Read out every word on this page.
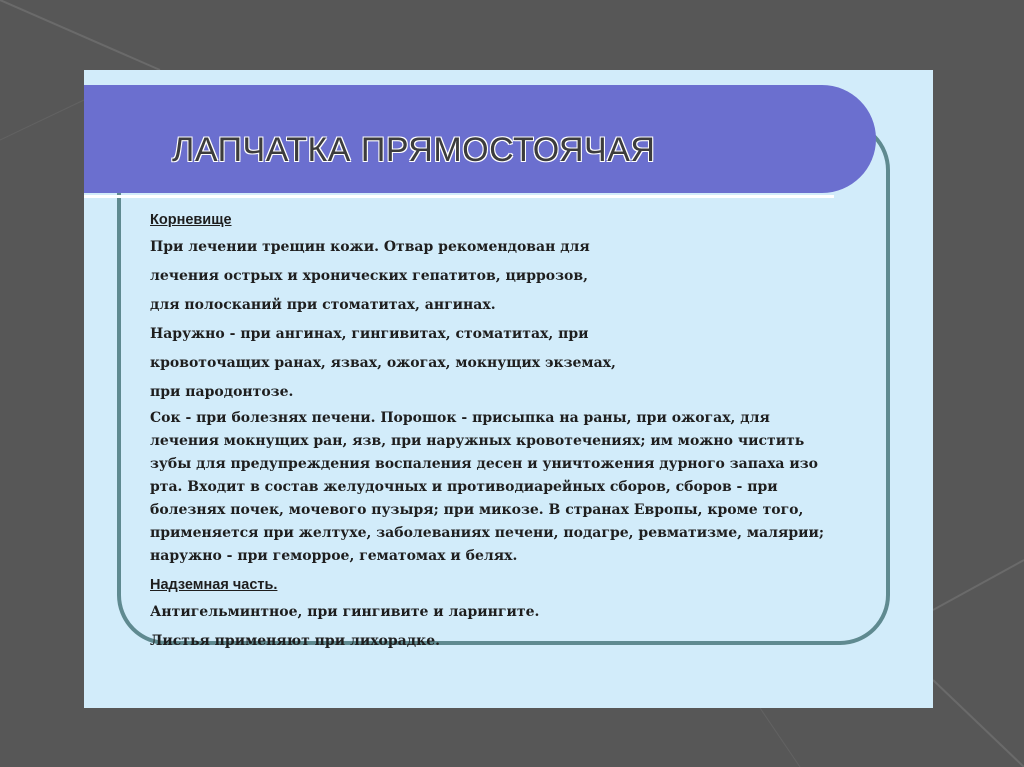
ЛАПЧАТКА ПРЯМОСТОЯЧАЯ
Корневище
При лечении трещин кожи. Отвар рекомендован для
лечения острых и хронических гепатитов, циррозов,
для полосканий при стоматитах, ангинах.
Наружно - при ангинах, гингивитах, стоматитах, при
кровоточащих ранах, язвах, ожогах, мокнущих экземах,
при пародонтозе.
Сок - при болезнях печени. Порошок - присыпка на раны, при ожогах, для
лечения мокнущих ран, язв, при наружных кровотечениях; им можно чистить
зубы для предупреждения воспаления десен и уничтожения дурного запаха изо
рта. Входит в состав желудочных и противодиарейных сборов, сборов - при
болезнях почек, мочевого пузыря; при микозе. В странах Европы, кроме того,
применяется при желтухе, заболеваниях печени, подагре, ревматизме, малярии;
наружно - при геморрое, гематомах и белях.
Надземная часть.
Антигельминтное, при гингивите и ларингите.
Листья применяют при лихорадке.
